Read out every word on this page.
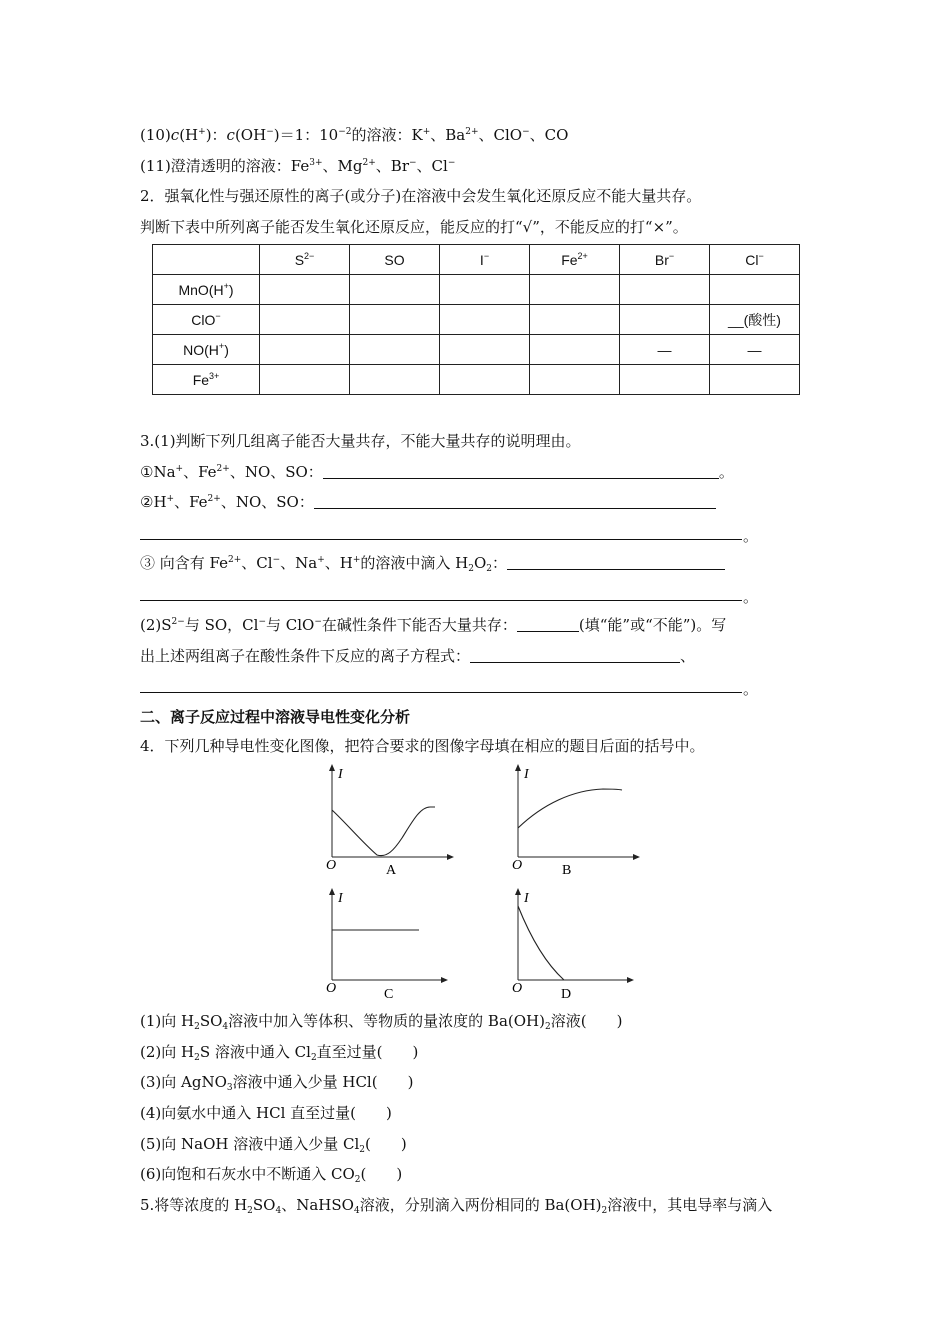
(10)c(H+)：c(OH−)＝1：$10^{-2}$的溶液：K+、$Ba^{2+}$、ClO−、CO
(11)澄清透明的溶液：$Fe^{3+}$、$Mg^{2+}$、Br−、Cl−
2．强氧化性与强还原性的离子(或分子)在溶液中会发生氧化还原反应不能大量共存。
判断下表中所列离子能否发生氧化还原反应，能反应的打“√”，不能反应的打“×”。
	$S^{2-}$	SO	I−	$Fe^{2+}$	Br−	Cl−
MnO(H+)						
ClO−						__(酸性)
NO(H+)					—	—
$Fe^{3+}$						
3.(1)判断下列几组离子能否大量共存，不能大量共存的说明理由。
①Na+、$Fe^{2+}$、NO、SO：	。
②H+、$Fe^{2+}$、NO、SO：
。
③ 向含有 $Fe^{2+}$、Cl−、Na+、H+的溶液中滴入 $H_2O_2$：
。
$(2)S^{2-}$与 SO，Cl−与 ClO−在碱性条件下能否大量共存：	(填“能”或“不能”)。写
出上述两组离子在酸性条件下反应的离子方程式：	、
。
二、离子反应过程中溶液导电性变化分析
4．下列几种导电性变化图像，把符合要求的图像字母填在相应的题目后面的括号中。
I
O	A
I
O	B
I
O	C
I
O	D
(1)向 $H_2SO_4$溶液中加入等体积、等物质的量浓度的 $Ba(OH)_2$溶液(　　)
(2)向 $H_2S$ 溶液中通入 $Cl_2$直至过量(　　)
(3)向 AgNO$_3$溶液中通入少量 HCl(　　)
(4)向氨水中通入 HCl 直至过量(　　)
(5)向 NaOH 溶液中通入少量 $Cl_2$(　　)
(6)向饱和石灰水中不断通入 $CO_2$(　　)
5.将等浓度的 $H_2SO_4$、NaHSO$_4$溶液，分别滴入两份相同的 $Ba(OH)_2$溶液中，其电导率与滴入
